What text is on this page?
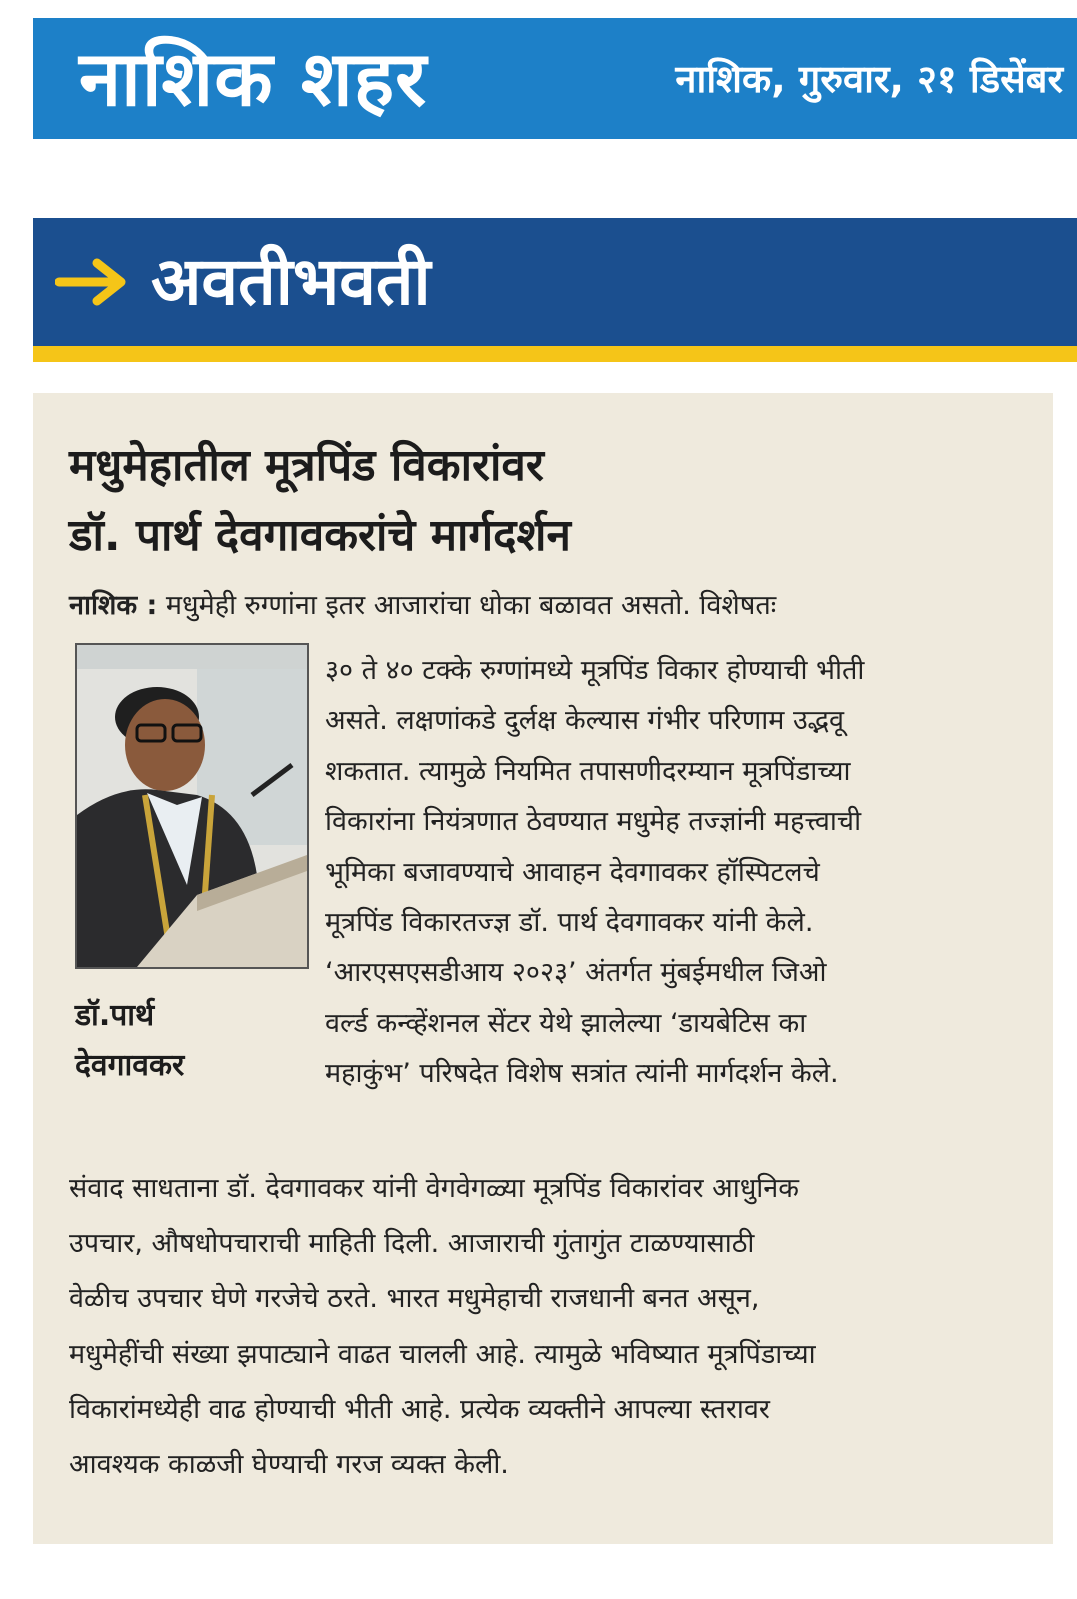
नाशिक शहर	नाशिक, गुरुवार, २१ डिसेंबर
अवतीभवती
मधुमेहातील मूत्रपिंड विकारांवर
डॉ. पार्थ देवगावकरांचे मार्गदर्शन
नाशिक : मधुमेही रुग्णांना इतर आजारांचा धोका बळावत असतो. विशेषतः
डॉ.पार्थ
देवगावकर
३० ते ४० टक्के रुग्णांमध्ये मूत्रपिंड विकार होण्याची भीती
असते. लक्षणांकडे दुर्लक्ष केल्यास गंभीर परिणाम उद्भवू
शकतात. त्यामुळे नियमित तपासणीदरम्यान मूत्रपिंडाच्या
विकारांना नियंत्रणात ठेवण्यात मधुमेह तज्ज्ञांनी महत्त्वाची
भूमिका बजावण्याचे आवाहन देवगावकर हॉस्पिटलचे
मूत्रपिंड विकारतज्ज्ञ डॉ. पार्थ देवगावकर यांनी केले.
‘आरएसएसडीआय २०२३’ अंतर्गत मुंबईमधील जिओ
वर्ल्ड कन्व्हेंशनल सेंटर येथे झालेल्या ‘डायबेटिस का
महाकुंभ’ परिषदेत विशेष सत्रांत त्यांनी मार्गदर्शन केले.
संवाद साधताना डॉ. देवगावकर यांनी वेगवेगळ्या मूत्रपिंड विकारांवर आधुनिक
उपचार, औषधोपचाराची माहिती दिली. आजाराची गुंतागुंत टाळण्यासाठी
वेळीच उपचार घेणे गरजेचे ठरते. भारत मधुमेहाची राजधानी बनत असून,
मधुमेहींची संख्या झपाट्याने वाढत चालली आहे. त्यामुळे भविष्यात मूत्रपिंडाच्या
विकारांमध्येही वाढ होण्याची भीती आहे. प्रत्येक व्यक्तीने आपल्या स्तरावर
आवश्यक काळजी घेण्याची गरज व्यक्त केली.
